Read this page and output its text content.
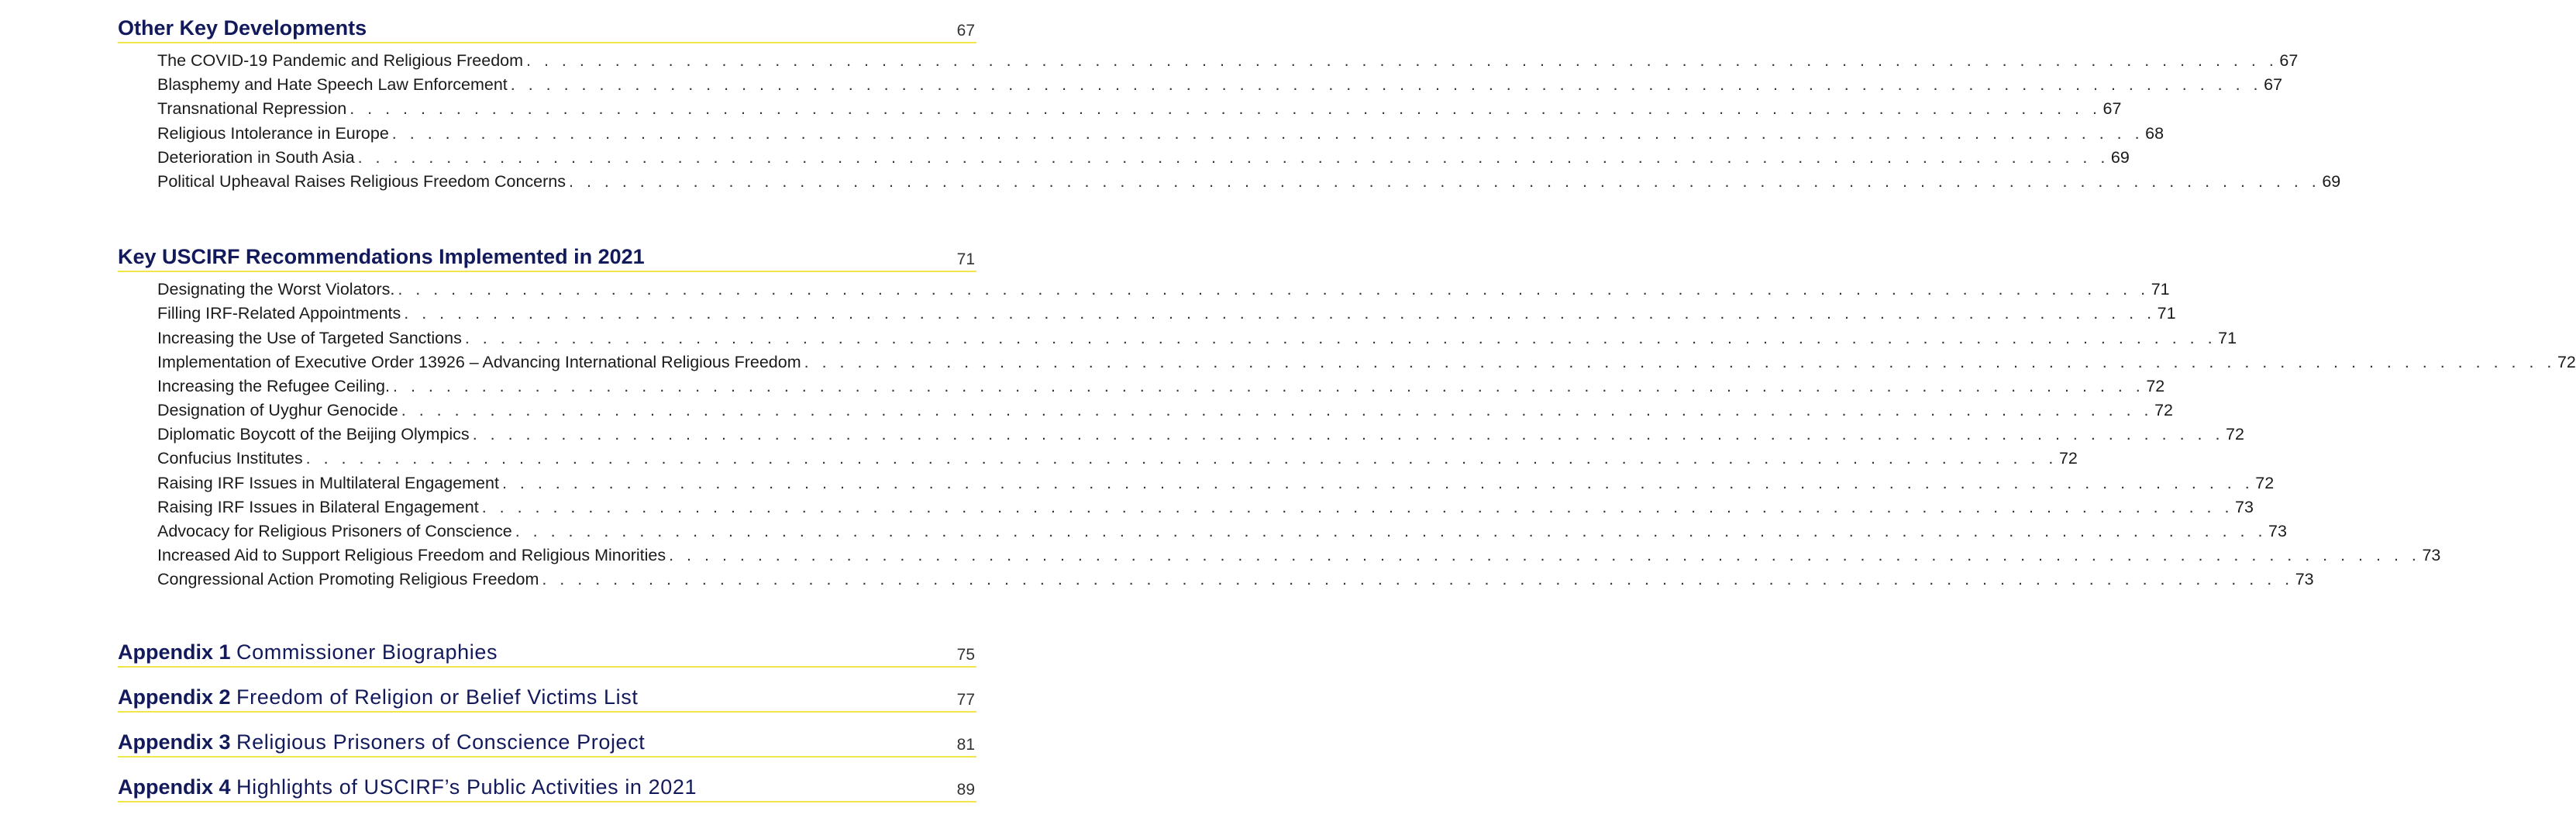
Other Key Developments	67
The COVID-19 Pandemic and Religious Freedom . . . . . . . . . . . . . . . . . . . . . . . . . . . . . . . . . . . . . . . . . . . . . . . . . . . . . . . . . . . . . . . . . . . . . . . . . . . . . . . . . . . . . . . . . . . . . . . . . . . 67
Blasphemy and Hate Speech Law Enforcement . . . . . . . . . . . . . . . . . . . . . . . . . . . . . . . . . . . . . . . . . . . . . . . . . . . . . . . . . . . . . . . . . . . . . . . . . . . . . . . . . . . . . . . . . . . . . . . . . . . 67
Transnational Repression . . . . . . . . . . . . . . . . . . . . . . . . . . . . . . . . . . . . . . . . . . . . . . . . . . . . . . . . . . . . . . . . . . . . . . . . . . . . . . . . . . . . . . . . . . . . . . . . . . . 67
Religious Intolerance in Europe . . . . . . . . . . . . . . . . . . . . . . . . . . . . . . . . . . . . . . . . . . . . . . . . . . . . . . . . . . . . . . . . . . . . . . . . . . . . . . . . . . . . . . . . . . . . . . . . . . . 68
Deterioration in South Asia . . . . . . . . . . . . . . . . . . . . . . . . . . . . . . . . . . . . . . . . . . . . . . . . . . . . . . . . . . . . . . . . . . . . . . . . . . . . . . . . . . . . . . . . . . . . . . . . . . . 69
Political Upheaval Raises Religious Freedom Concerns . . . . . . . . . . . . . . . . . . . . . . . . . . . . . . . . . . . . . . . . . . . . . . . . . . . . . . . . . . . . . . . . . . . . . . . . . . . . . . . . . . . . . . . . . . . . . . . . . . . 69
Key USCIRF Recommendations Implemented in 2021	71
Designating the Worst Violators. . . . . . . . . . . . . . . . . . . . . . . . . . . . . . . . . . . . . . . . . . . . . . . . . . . . . . . . . . . . . . . . . . . . . . . . . . . . . . . . . . . . . . . . . . . . . . . . . . . . 71
Filling IRF-Related Appointments . . . . . . . . . . . . . . . . . . . . . . . . . . . . . . . . . . . . . . . . . . . . . . . . . . . . . . . . . . . . . . . . . . . . . . . . . . . . . . . . . . . . . . . . . . . . . . . . . . . 71
Increasing the Use of Targeted Sanctions . . . . . . . . . . . . . . . . . . . . . . . . . . . . . . . . . . . . . . . . . . . . . . . . . . . . . . . . . . . . . . . . . . . . . . . . . . . . . . . . . . . . . . . . . . . . . . . . . . . 71
Implementation of Executive Order 13926 – Advancing International Religious Freedom . . . . . . . . . . . . . . . . . . . . . . . . . . . . . . . . . . . . . . . . . . . . . . . . . . . . . . . . . . . . . . . . . . . . . . . . . . . . . . . . . . . . . . . . . . . . . . . . . . . 72
Increasing the Refugee Ceiling. . . . . . . . . . . . . . . . . . . . . . . . . . . . . . . . . . . . . . . . . . . . . . . . . . . . . . . . . . . . . . . . . . . . . . . . . . . . . . . . . . . . . . . . . . . . . . . . . . . . 72
Designation of Uyghur Genocide . . . . . . . . . . . . . . . . . . . . . . . . . . . . . . . . . . . . . . . . . . . . . . . . . . . . . . . . . . . . . . . . . . . . . . . . . . . . . . . . . . . . . . . . . . . . . . . . . . . 72
Diplomatic Boycott of the Beijing Olympics . . . . . . . . . . . . . . . . . . . . . . . . . . . . . . . . . . . . . . . . . . . . . . . . . . . . . . . . . . . . . . . . . . . . . . . . . . . . . . . . . . . . . . . . . . . . . . . . . . . 72
Confucius Institutes . . . . . . . . . . . . . . . . . . . . . . . . . . . . . . . . . . . . . . . . . . . . . . . . . . . . . . . . . . . . . . . . . . . . . . . . . . . . . . . . . . . . . . . . . . . . . . . . . . . 72
Raising IRF Issues in Multilateral Engagement . . . . . . . . . . . . . . . . . . . . . . . . . . . . . . . . . . . . . . . . . . . . . . . . . . . . . . . . . . . . . . . . . . . . . . . . . . . . . . . . . . . . . . . . . . . . . . . . . . . 72
Raising IRF Issues in Bilateral Engagement . . . . . . . . . . . . . . . . . . . . . . . . . . . . . . . . . . . . . . . . . . . . . . . . . . . . . . . . . . . . . . . . . . . . . . . . . . . . . . . . . . . . . . . . . . . . . . . . . . . 73
Advocacy for Religious Prisoners of Conscience . . . . . . . . . . . . . . . . . . . . . . . . . . . . . . . . . . . . . . . . . . . . . . . . . . . . . . . . . . . . . . . . . . . . . . . . . . . . . . . . . . . . . . . . . . . . . . . . . . . 73
Increased Aid to Support Religious Freedom and Religious Minorities . . . . . . . . . . . . . . . . . . . . . . . . . . . . . . . . . . . . . . . . . . . . . . . . . . . . . . . . . . . . . . . . . . . . . . . . . . . . . . . . . . . . . . . . . . . . . . . . . . . 73
Congressional Action Promoting Religious Freedom . . . . . . . . . . . . . . . . . . . . . . . . . . . . . . . . . . . . . . . . . . . . . . . . . . . . . . . . . . . . . . . . . . . . . . . . . . . . . . . . . . . . . . . . . . . . . . . . . . . 73
Appendix 1 Commissioner Biographies	75
Appendix 2 Freedom of Religion or Belief Victims List	77
Appendix 3 Religious Prisoners of Conscience Project	81
Appendix 4 Highlights of USCIRF’s Public Activities in 2021	89
